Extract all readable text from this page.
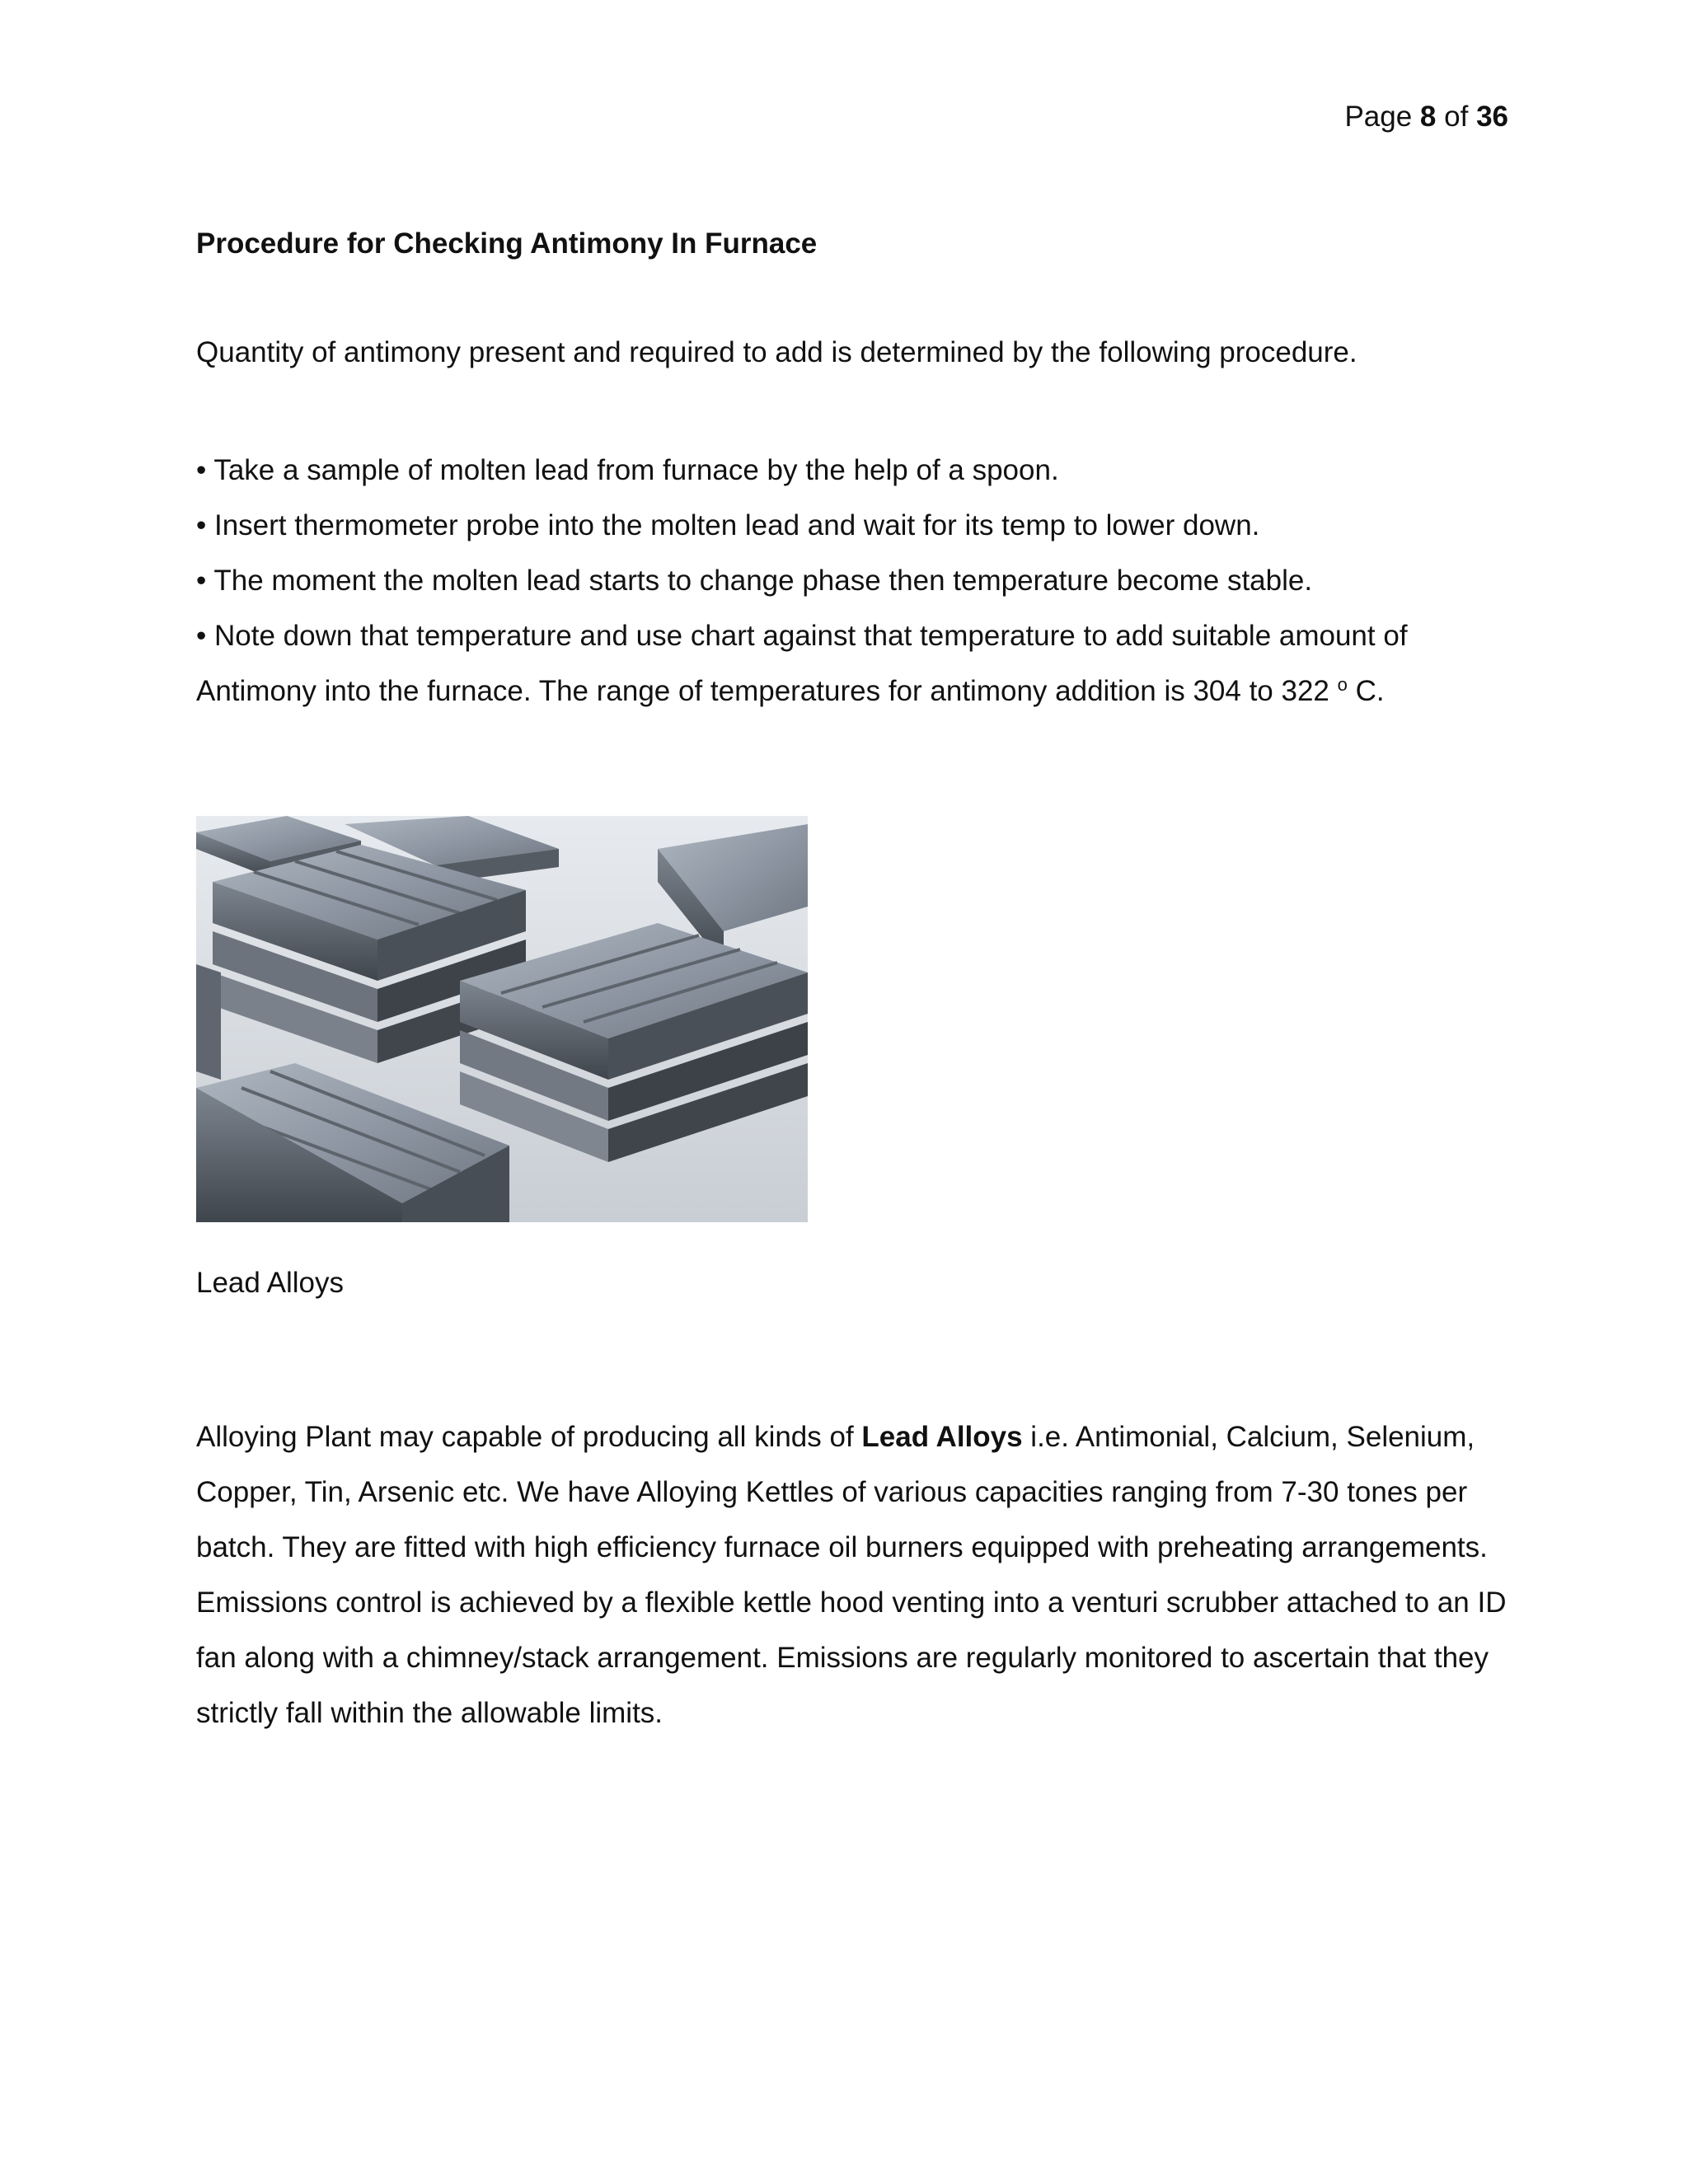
Page 8 of 36
Procedure for Checking Antimony In Furnace
Quantity of antimony present and required to add is determined by the following procedure.
• Take a sample of molten lead from furnace by the help of a spoon.
• Insert thermometer probe into the molten lead and wait for its temp to lower down.
• The moment the molten lead starts to change phase then temperature become stable.
• Note down that temperature and use chart against that temperature to add suitable amount of Antimony into the furnace. The range of temperatures for antimony addition is 304 to 322 $^o$ C.
Lead Alloys

Alloying Plant may capable of producing all kinds of Lead Alloys i.e. Antimonial, Calcium, Selenium, Copper, Tin, Arsenic etc. We have Alloying Kettles of various capacities ranging from 7-30 tones per batch. They are fitted with high efficiency furnace oil burners equipped with preheating arrangements. Emissions control is achieved by a flexible kettle hood venting into a venturi scrubber attached to an ID fan along with a chimney/stack arrangement. Emissions are regularly monitored to ascertain that they strictly fall within the allowable limits.
